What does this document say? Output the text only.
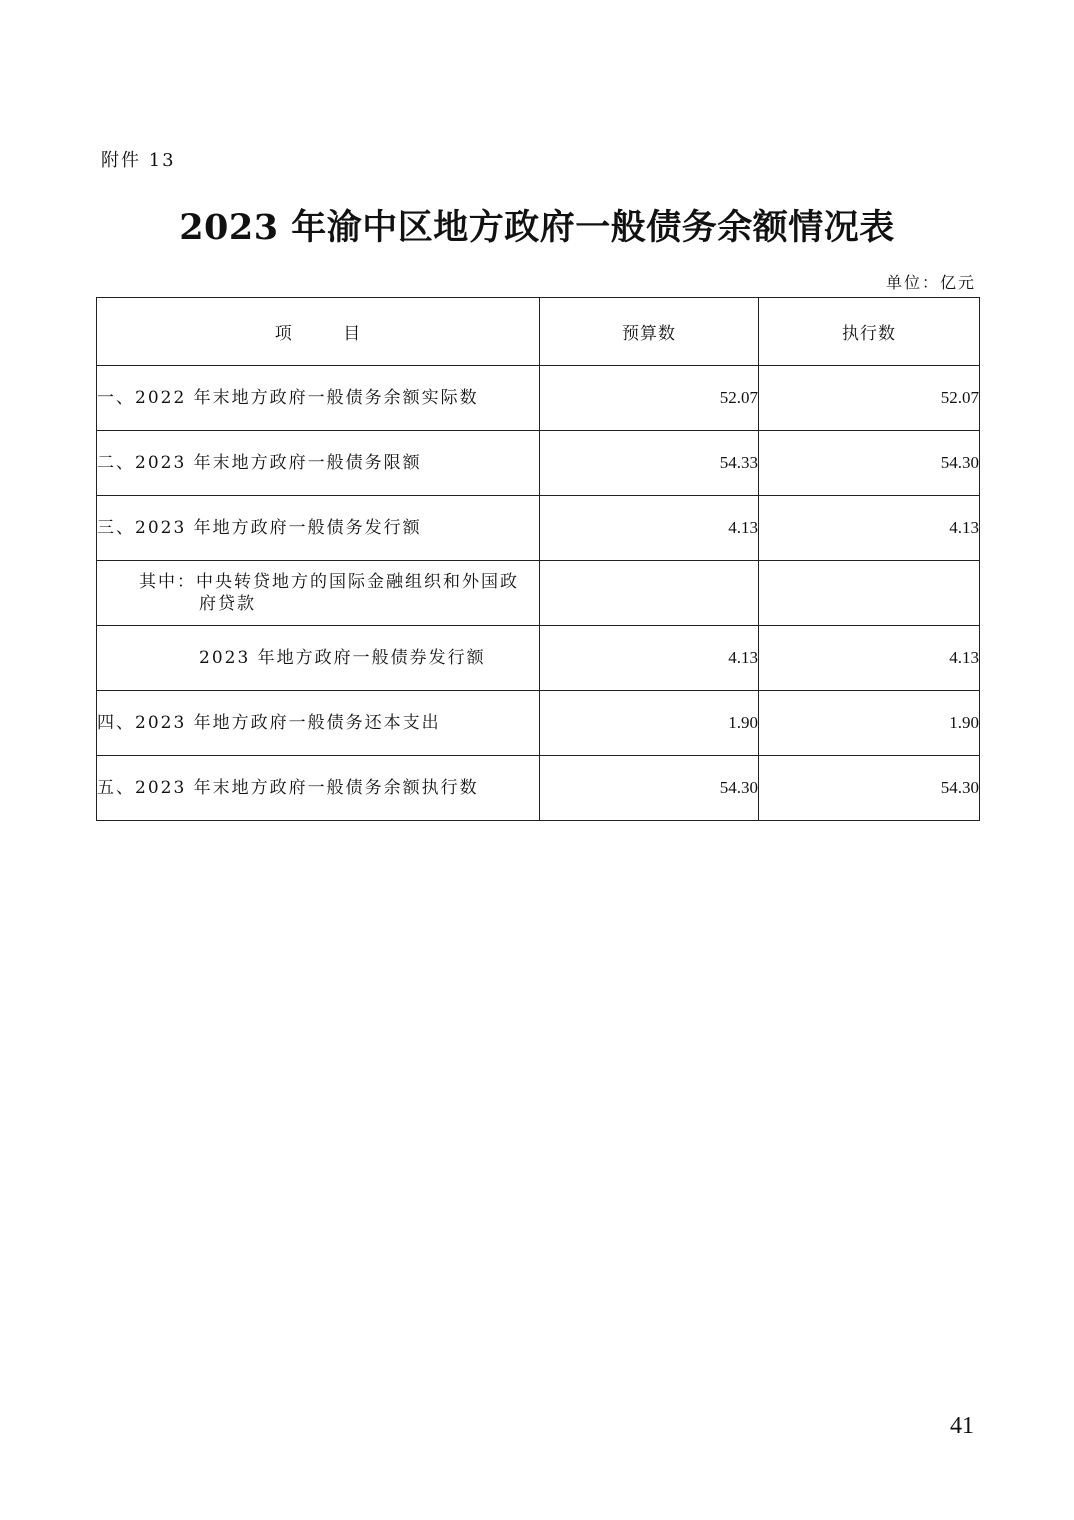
附件 13
2023 年渝中区地方政府一般债务余额情况表
单位：亿元
项 目	预算数	执行数
一、2022 年末地方政府一般债务余额实际数	52.07	52.07
二、2023 年末地方政府一般债务限额	54.33	54.30
三、2023 年地方政府一般债务发行额	4.13	4.13

其中：中央转贷地方的国际金融组织和外国政府贷款		

2023 年地方政府一般债券发行额	4.13	4.13
四、2023 年地方政府一般债务还本支出	1.90	1.90
五、2023 年末地方政府一般债务余额执行数	54.30	54.30
41
